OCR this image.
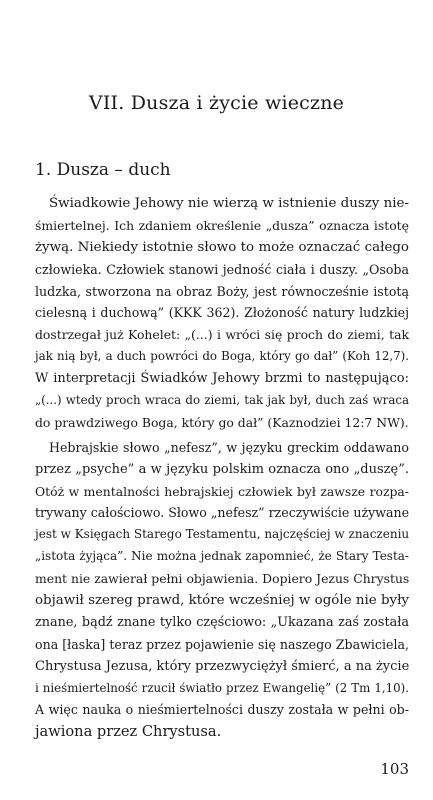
VII. Dusza i życie wieczne
1. Dusza – duch
Świadkowie Jehowy nie wierzą w istnienie duszy nie-
śmiertelnej. Ich zdaniem określenie „dusza” oznacza istotę
żywą. Niekiedy istotnie słowo to może oznaczać całego
człowieka. Człowiek stanowi jedność ciała i duszy. „Osoba
ludzka, stworzona na obraz Boży, jest równocześnie istotą
cielesną i duchową” (KKK 362). Złożoność natury ludzkiej
dostrzegał już Kohelet: „(...) i wróci się proch do ziemi, tak
jak nią był, a duch powróci do Boga, który go dał” (Koh 12,7).
W interpretacji Świadków Jehowy brzmi to następująco:
„(...) wtedy proch wraca do ziemi, tak jak był, duch zaś wraca
do prawdziwego Boga, który go dał” (Kaznodziei 12:7 NW).
Hebrajskie słowo „nefesz”, w języku greckim oddawano
przez „psyche” a w języku polskim oznacza ono „duszę”.
Otóż w mentalności hebrajskiej człowiek był zawsze rozpa-
trywany całościowo. Słowo „nefesz” rzeczywiście używane
jest w Księgach Starego Testamentu, najczęściej w znaczeniu
„istota żyjąca”. Nie można jednak zapomnieć, że Stary Testa-
ment nie zawierał pełni objawienia. Dopiero Jezus Chrystus
objawił szereg prawd, które wcześniej w ogóle nie były
znane, bądź znane tylko częściowo: „Ukazana zaś została
ona [łaska] teraz przez pojawienie się naszego Zbawiciela,
Chrystusa Jezusa, który przezwyciężył śmierć, a na życie
i nieśmiertelność rzucił światło przez Ewangelię” (2 Tm 1,10).
A więc nauka o nieśmiertelności duszy została w pełni ob-
jawiona przez Chrystusa.

103
